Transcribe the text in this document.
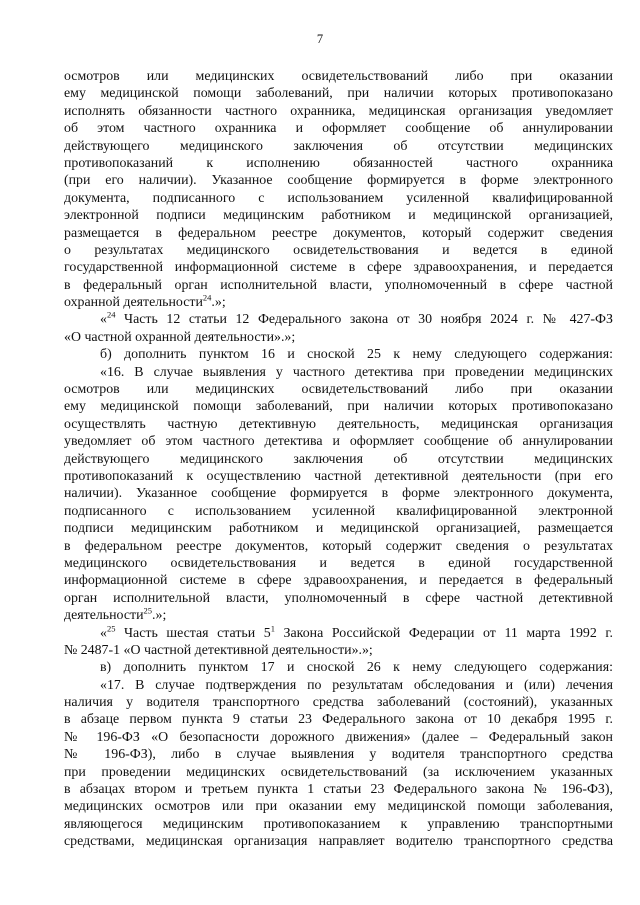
7
осмотров или медицинских освидетельствований либо при оказании
ему медицинской помощи заболеваний, при наличии которых противопоказано
исполнять обязанности частного охранника, медицинская организация уведомляет
об этом частного охранника и оформляет сообщение об аннулировании
действующего медицинского заключения об отсутствии медицинских
противопоказаний к исполнению обязанностей частного охранника
(при его наличии). Указанное сообщение формируется в форме электронного
документа, подписанного с использованием усиленной квалифицированной
электронной подписи медицинским работником и медицинской организацией,
размещается в федеральном реестре документов, который содержит сведения
о результатах медицинского освидетельствования и ведется в единой
государственной информационной системе в сфере здравоохранения, и передается
в федеральный орган исполнительной власти, уполномоченный в сфере частной
охранной деятельности$^{24}$.»;
«$^{24}$ Часть 12 статьи 12 Федерального закона от 30 ноября 2024 г. № 427-ФЗ
«О частной охранной деятельности».»;
б) дополнить пунктом 16 и сноской 25 к нему следующего содержания:
«16. В случае выявления у частного детектива при проведении медицинских
осмотров или медицинских освидетельствований либо при оказании
ему медицинской помощи заболеваний, при наличии которых противопоказано
осуществлять частную детективную деятельность, медицинская организация
уведомляет об этом частного детектива и оформляет сообщение об аннулировании
действующего медицинского заключения об отсутствии медицинских
противопоказаний к осуществлению частной детективной деятельности (при его
наличии). Указанное сообщение формируется в форме электронного документа,
подписанного с использованием усиленной квалифицированной электронной
подписи медицинским работником и медицинской организацией, размещается
в федеральном реестре документов, который содержит сведения о результатах
медицинского освидетельствования и ведется в единой государственной
информационной системе в сфере здравоохранения, и передается в федеральный
орган исполнительной власти, уполномоченный в сфере частной детективной
деятельности$^{25}$.»;
«$^{25}$ Часть шестая статьи $5^1$ Закона Российской Федерации от 11 марта 1992 г.
№ 2487-1 «О частной детективной деятельности».»;
в) дополнить пунктом 17 и сноской 26 к нему следующего содержания:
«17. В случае подтверждения по результатам обследования и (или) лечения
наличия у водителя транспортного средства заболеваний (состояний), указанных
в абзаце первом пункта 9 статьи 23 Федерального закона от 10 декабря 1995 г.
№ 196-ФЗ «О безопасности дорожного движения» (далее – Федеральный закон
№ 196-ФЗ), либо в случае выявления у водителя транспортного средства
при проведении медицинских освидетельствований (за исключением указанных
в абзацах втором и третьем пункта 1 статьи 23 Федерального закона № 196-ФЗ),
медицинских осмотров или при оказании ему медицинской помощи заболевания,
являющегося медицинским противопоказанием к управлению транспортными
средствами, медицинская организация направляет водителю транспортного средства
